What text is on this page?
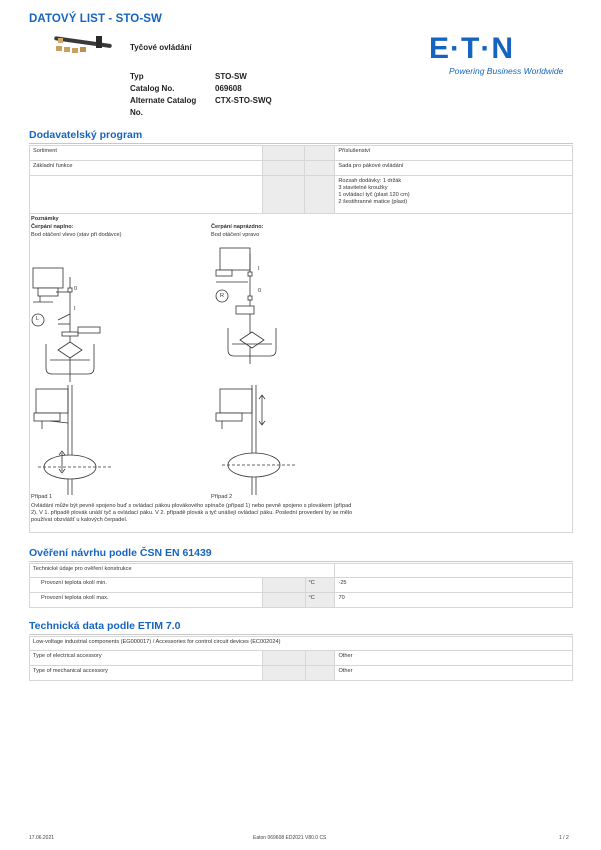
DATOVÝ LIST - STO-SW
Tyčové ovládání
Typ	STO-SW
Catalog No.	069608
Alternate Catalog CTX-STO-SWQ
No.
E·T·N
Powering Business Worldwide
Dodavatelský program
Sortiment			Příslušenství
Základní funkce			Sada pro pákové ovládání

			Rozsah dodávky: 1 držák
3 stavitelné kroužky
1 ovládací tyč (plast 120 cm)
2 šestihranné matice (plast)
Poznámky
Čerpání naplno:
Bod otáčení vlevo (stav při dodávce)
Čerpání naprázdno:
Bod otáčení vpravo
0
I
L
I
0
R
Případ 1	Případ 2
Ovládání může být pevně spojeno buď s ovládací pákou plovákového spínače (případ 1) nebo pevně spojeno s plovákem (případ
2). V 1. případě plovák unáší tyč a ovládací páku. V 2. případě plovák a tyč unášejí ovládací páku. Poslední provedení by se mělo
používat obzvlášť u kalových čerpadel.
Ověření návrhu podle ČSN EN 61439
Technické údaje pro ověření konstrukce			
Provozní teplota okolí min.		°C	-25
Provozní teplota okolí max.		°C	70
Technická data podle ETIM 7.0
Low-voltage industrial components (EG000017) / Accessories for control circuit devices (EC002024)			
Type of electrical accessory			Other
Type of mechanical accessory			Other
17.06.2021	Eaton 069608 ED2021 V80.0 CS	1 / 2
